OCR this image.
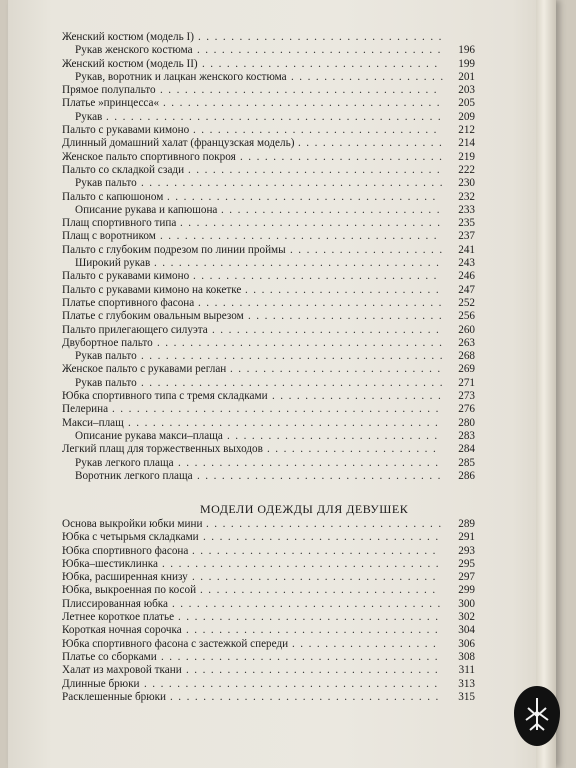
Женский костюм (модель I) ..............................
Рукав женского костюма ..............................	196
Женский костюм (модель II) .............................	199
Рукав, воротник и лацкан женского костюма ................... 201
Прямое полупальто ..................................	203
Платье »принцесса« ..................................	205
Рукав .........................................	209
Пальто с рукавами кимоно ..............................	212
Длинный домашний халат (французская модель) .................. 214
Женское пальто спортивного покроя ......................... 219
Пальто со складкой сзади ...............................	222
Рукав пальто ..................................... 230
Пальто с капюшоном .................................	232
Описание рукава и капюшона ...........................	233
Плащ спортивного типа ................................	235
Плащ с воротником ..................................	237
Пальто с глубоким подрезом по линии проймы ................... 241
Широкий рукав ...................................	243
Пальто с рукавами кимоно ..............................	246
Пальто с рукавами кимоно на кокетке ........................	247
Платье спортивного фасона ..............................	252
Платье с глубоким овальным вырезом ........................ 256
Пальто прилегающего силуэта ............................	260
Двубортное пальто ................................... 263
Рукав пальто ..................................... 268
Женское пальто с рукавами реглан ..........................	269
Рукав пальто ..................................... 271
Юбка спортивного типа с тремя складками .....................	273
Пелерина ........................................	276
Макси–плащ ......................................	280
Описание рукава макси–плаща ..........................	283
Легкий плащ для торжественных выходов .....................	284
Рукав легкого плаща ................................	285
Воротник легкого плаща ..............................	286
МОДЕЛИ ОДЕЖДЫ ДЛЯ ДЕВУШЕК
Основа выкройки юбки мини .............................	289
Юбка с четырьмя складками .............................	291
Юбка спортивного фасона ..............................	293
Юбка–шестиклинка ..................................	295
Юбка, расширенная книзу ..............................	297
Юбка, выкроенная по косой .............................	299
Плиссированная юбка .................................	300
Летнее короткое платье ................................	302
Короткая ночная сорочка ...............................	304
Юбка спортивного фасона с застежкой спереди ..................	306
Платье со сборками ..................................	308
Халат из махровой ткани ...............................	311
Длинные брюки ....................................	313
Расклешенные брюки .................................	315
